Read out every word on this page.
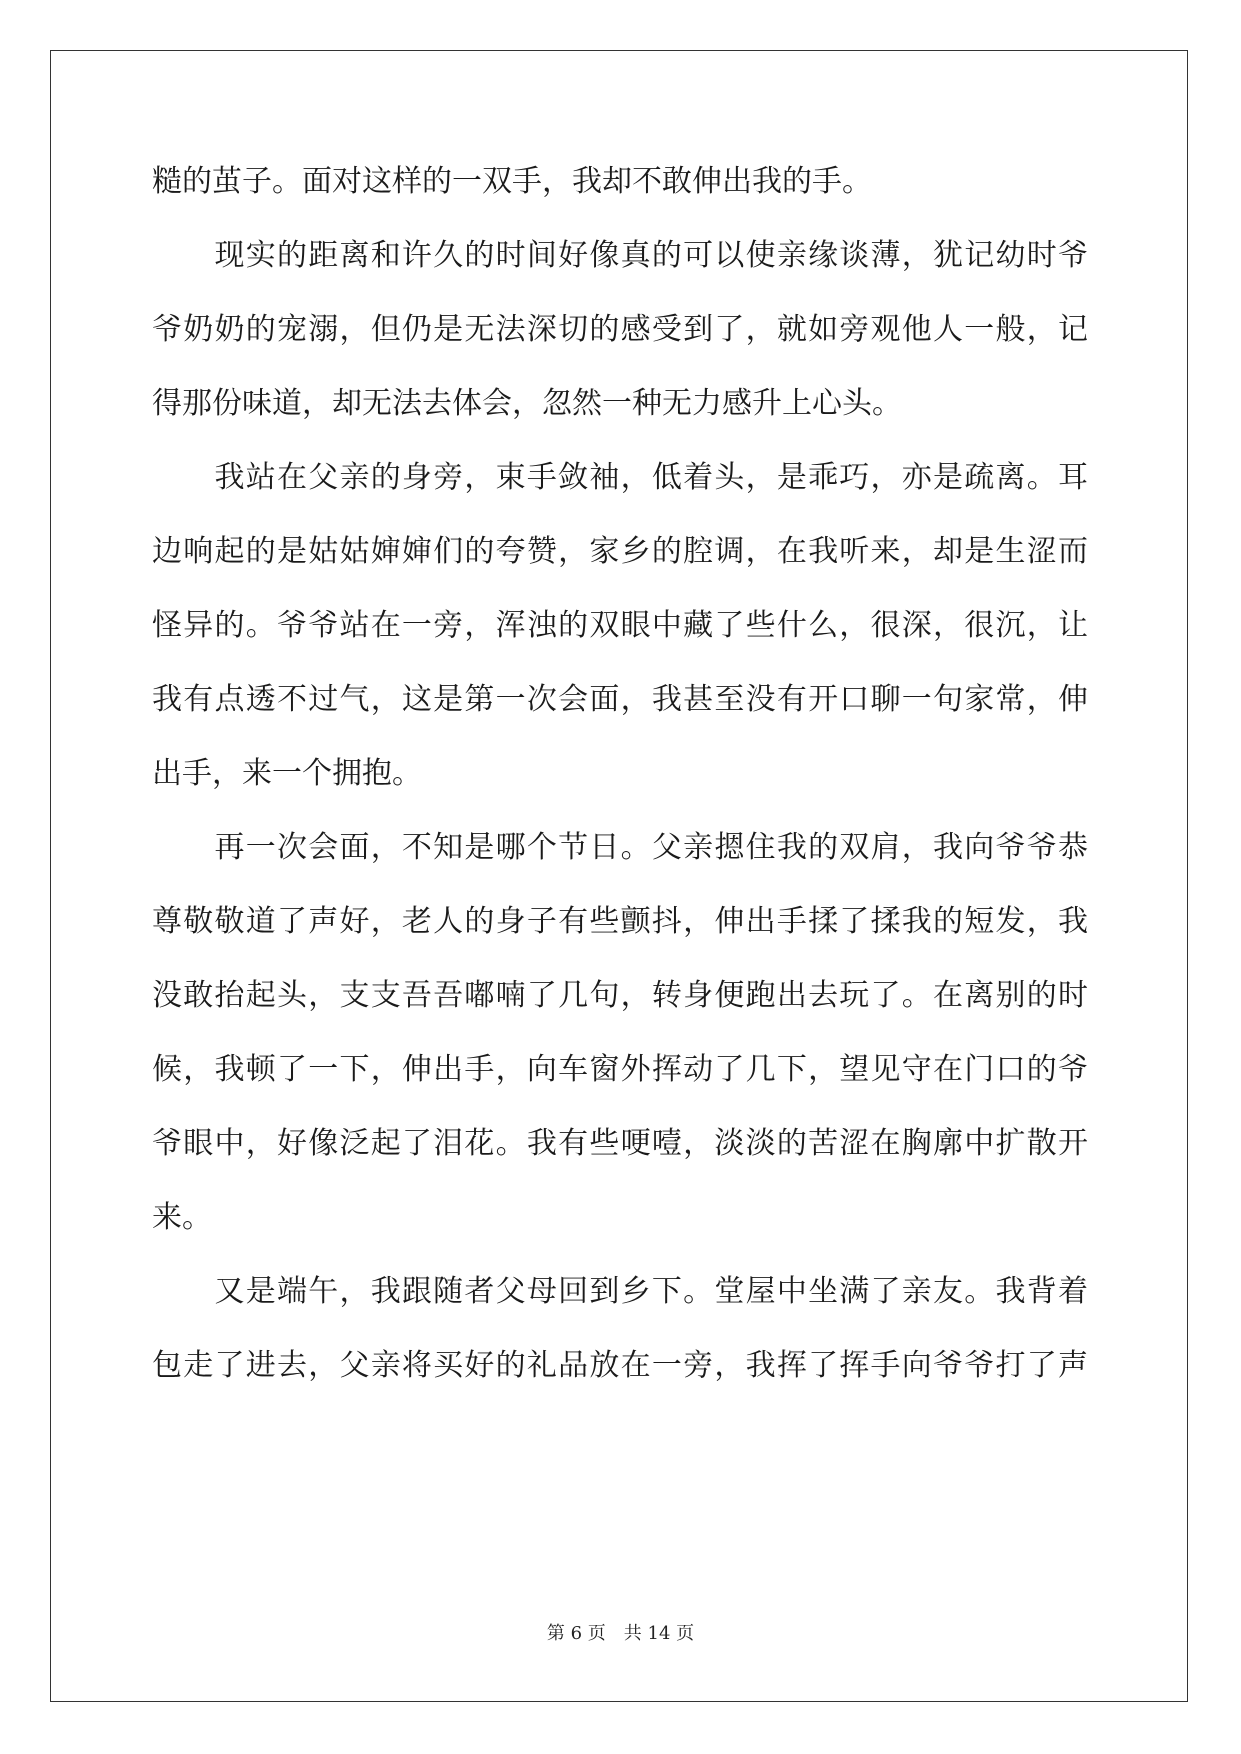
糙的茧子。面对这样的一双手，我却不敢伸出我的手。
　　现实的距离和许久的时间好像真的可以使亲缘谈薄，犹记幼时爷
爷奶奶的宠溺，但仍是无法深切的感受到了，就如旁观他人一般，记
得那份味道，却无法去体会，忽然一种无力感升上心头。
　　我站在父亲的身旁，束手敛袖，低着头，是乖巧，亦是疏离。耳
边响起的是姑姑婶婶们的夸赞，家乡的腔调，在我听来，却是生涩而
怪异的。爷爷站在一旁，浑浊的双眼中藏了些什么，很深，很沉，让
我有点透不过气，这是第一次会面，我甚至没有开口聊一句家常，伸
出手，来一个拥抱。
　　再一次会面，不知是哪个节日。父亲摁住我的双肩，我向爷爷恭
尊敬敬道了声好，老人的身子有些颤抖，伸出手揉了揉我的短发，我
没敢抬起头，支支吾吾嘟喃了几句，转身便跑出去玩了。在离别的时
候，我顿了一下，伸出手，向车窗外挥动了几下，望见守在门口的爷
爷眼中，好像泛起了泪花。我有些哽噎，淡淡的苦涩在胸廓中扩散开
来。
　　又是端午，我跟随者父母回到乡下。堂屋中坐满了亲友。我背着
包走了进去，父亲将买好的礼品放在一旁，我挥了挥手向爷爷打了声
第 6 页　共 14 页
